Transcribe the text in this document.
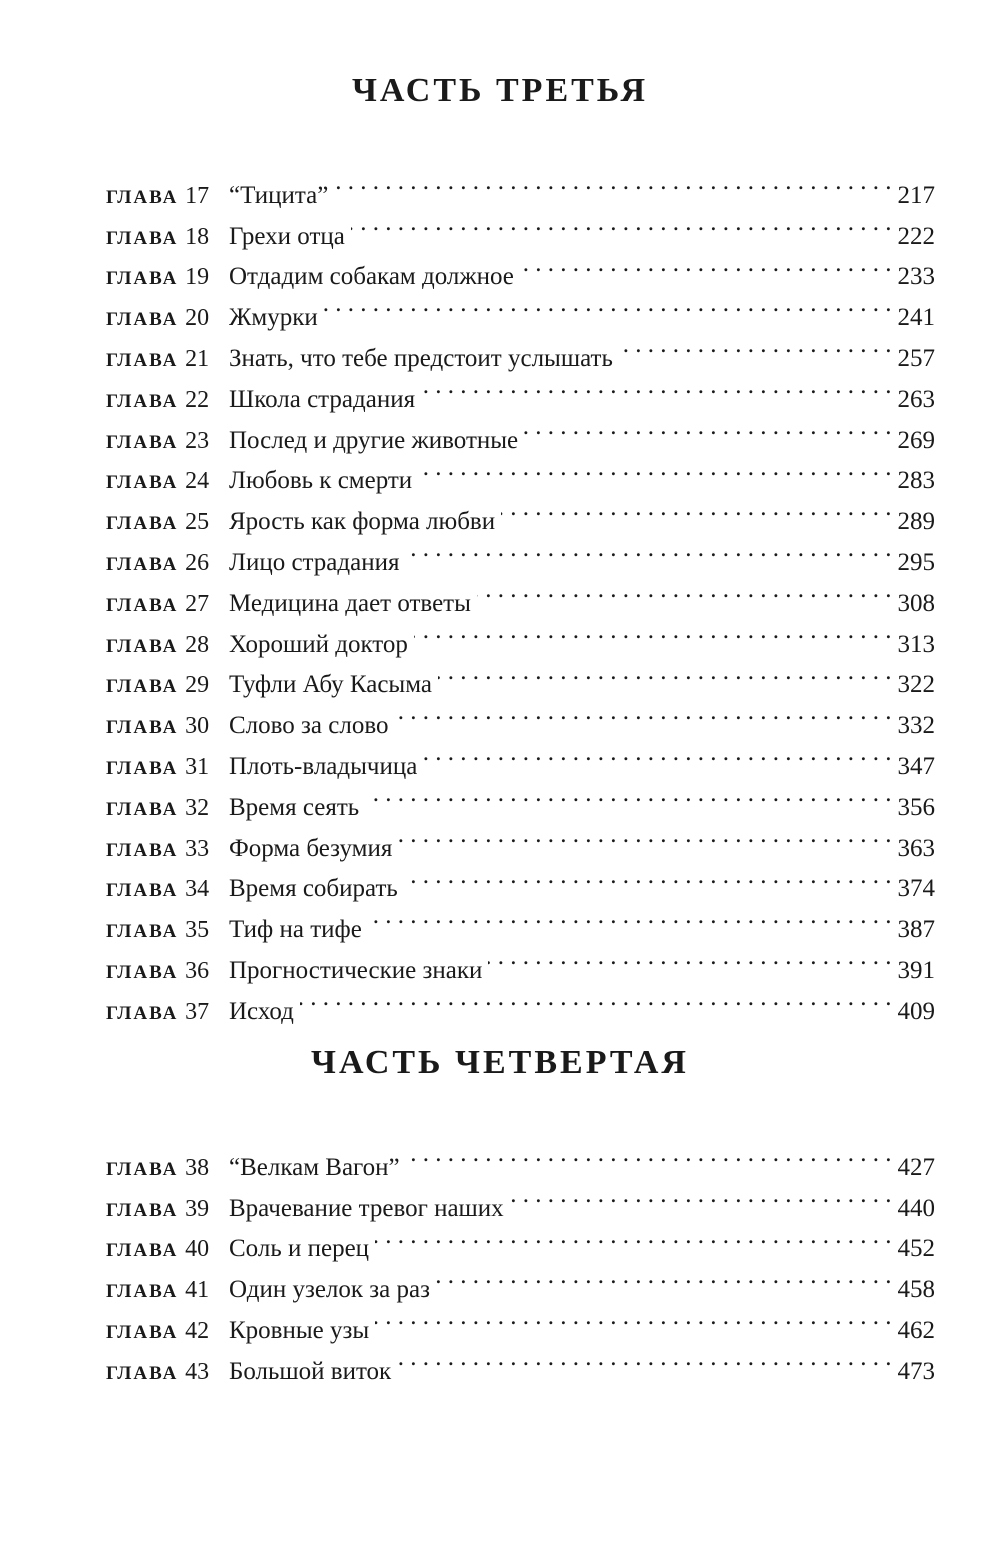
ЧАСТЬ ТРЕТЬЯ
ГЛАВА 17 “Тицита” . . .	217
ГЛАВА 18 Грехи отца . . .	222
ГЛАВА 19 Отдадим собакам должное . . .	233
ГЛАВА 20 Жмурки . . .	241
ГЛАВА 21 Знать, что тебе предстоит услышать . . .	257
ГЛАВА 22 Школа страдания . . .	263
ГЛАВА 23 Послед и другие животные . . .	269
ГЛАВА 24 Любовь к смерти . . .	283
ГЛАВА 25 Ярость как форма любви . . .	289
ГЛАВА 26 Лицо страдания . . .	295
ГЛАВА 27 Медицина дает ответы . . .	308
ГЛАВА 28 Хороший доктор . . .	313
ГЛАВА 29 Туфли Абу Касыма . . .	322
ГЛАВА 30 Слово за слово . . .	332
ГЛАВА 31 Плоть-владычица . . .	347
ГЛАВА 32 Время сеять . . .	356
ГЛАВА 33 Форма безумия . . .	363
ГЛАВА 34 Время собирать . . .	374
ГЛАВА 35 Тиф на тифе . . .	387
ГЛАВА 36 Прогностические знаки . . .	391
ГЛАВА 37 Исход . . .	409
ЧАСТЬ ЧЕТВЕРТАЯ
ГЛАВА 38 “Велкам Вагон” . . .	427
ГЛАВА 39 Врачевание тревог наших . . .	440
ГЛАВА 40 Соль и перец . . .	452
ГЛАВА 41 Один узелок за раз . . .	458
ГЛАВА 42 Кровные узы . . .	462
ГЛАВА 43 Большой виток . . .	473
